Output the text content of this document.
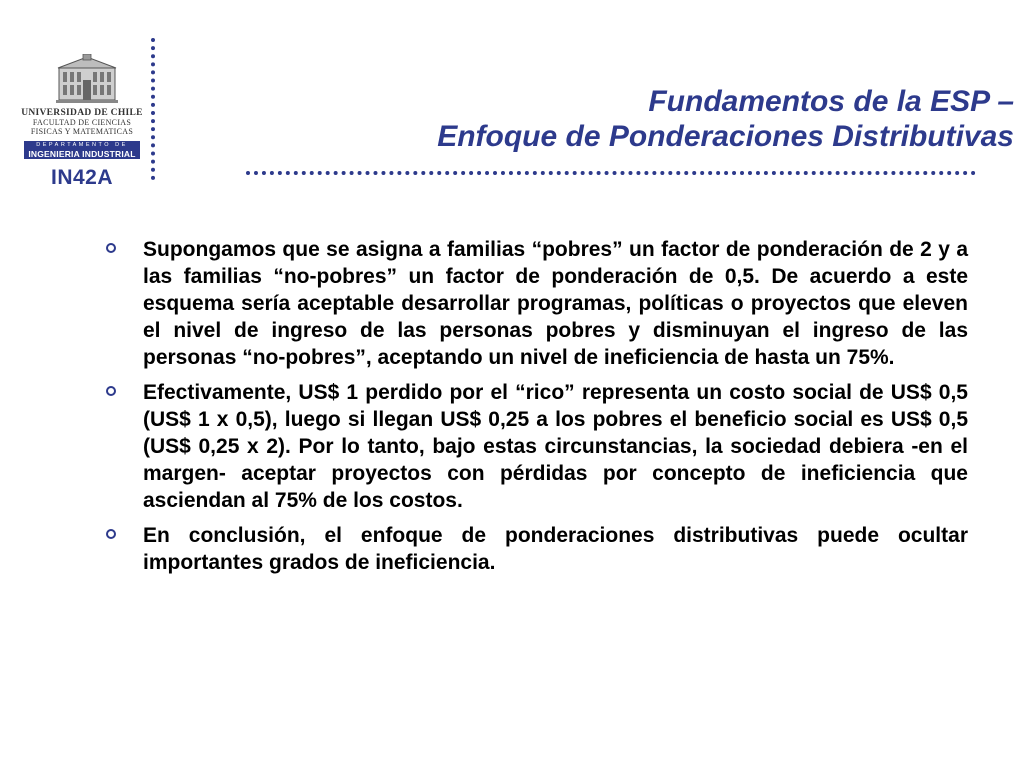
UNIVERSIDAD DE CHILE
FACULTAD DE CIENCIAS
FISICAS Y MATEMATICAS
DEPARTAMENTO DE
INGENIERIA INDUSTRIAL
IN42A
Fundamentos de la ESP –
Enfoque de Ponderaciones Distributivas
Supongamos que se asigna a familias “pobres” un factor de ponderación de 2 y a las familias “no-pobres” un factor de ponderación de 0,5. De acuerdo a este esquema sería aceptable desarrollar programas, políticas o proyectos que eleven el nivel de ingreso de las personas pobres y disminuyan el ingreso de las personas “no-pobres”, aceptando un nivel de ineficiencia de hasta un 75%.
Efectivamente, US$ 1 perdido por el “rico” representa un costo social de US$ 0,5 (US$ 1 x 0,5), luego si llegan US$ 0,25 a los pobres el beneficio social es US$ 0,5 (US$ 0,25 x 2). Por lo tanto, bajo estas circunstancias, la sociedad debiera -en el margen- aceptar proyectos con pérdidas por concepto de ineficiencia que asciendan al 75% de los costos.
En conclusión, el enfoque de ponderaciones distributivas puede ocultar importantes grados de ineficiencia.
